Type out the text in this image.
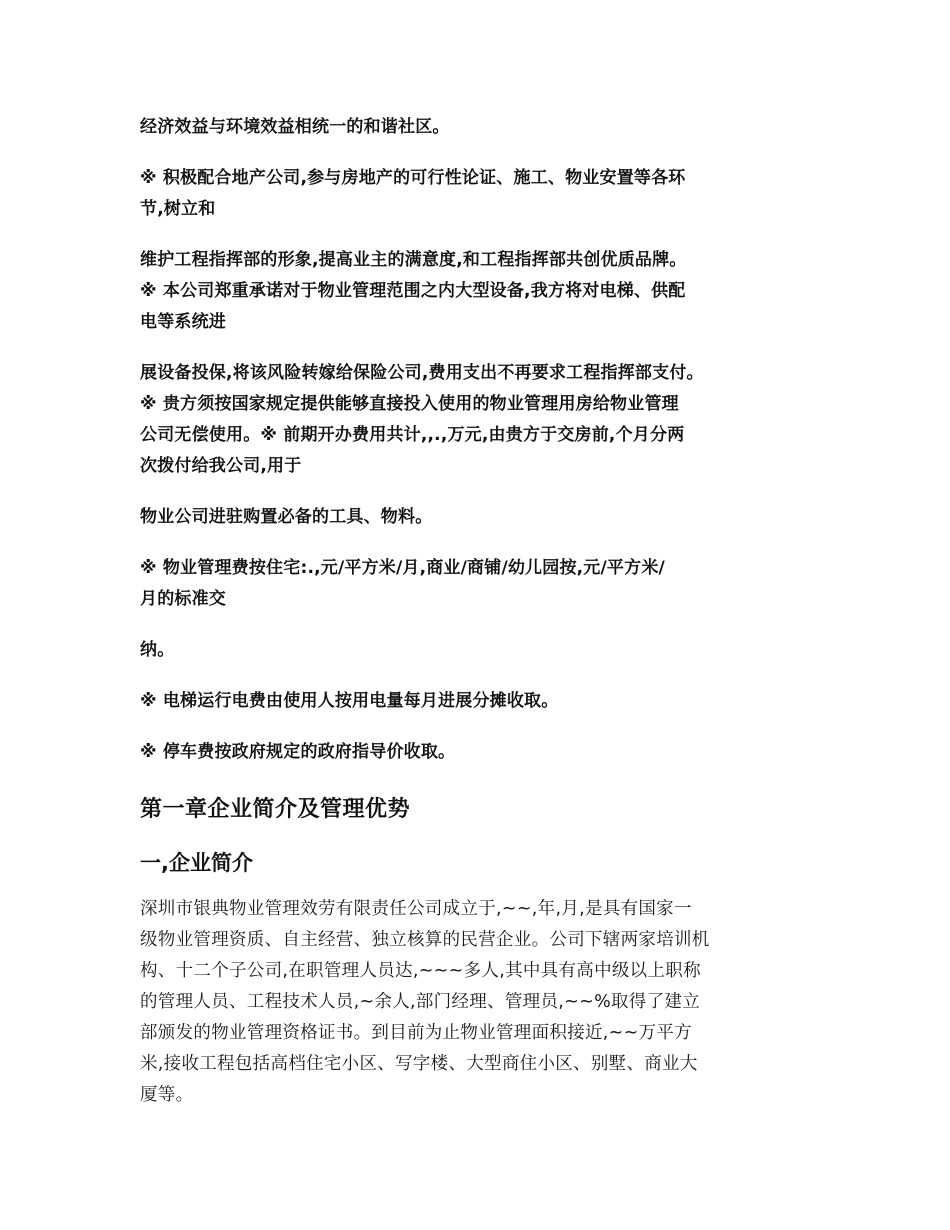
经济效益与环境效益相统一的和谐社区。

※ 积极配合地产公司,参与房地产的可行性论证、施工、物业安置等各环
节,树立和

维护工程指挥部的形象,提高业主的满意度,和工程指挥部共创优质品牌。
※ 本公司郑重承诺对于物业管理范围之内大型设备,我方将对电梯、供配
电等系统进

展设备投保,将该风险转嫁给保险公司,费用支出不再要求工程指挥部支付。
※ 贵方须按国家规定提供能够直接投入使用的物业管理用房给物业管理
公司无偿使用。※ 前期开办费用共计,,.,万元,由贵方于交房前,个月分两
次拨付给我公司,用于

物业公司进驻购置必备的工具、物料。

※ 物业管理费按住宅:.,元/平方米/月,商业/商铺/幼儿园按,元/平方米/
月的标准交

纳。

※ 电梯运行电费由使用人按用电量每月进展分摊收取。

※ 停车费按政府规定的政府指导价收取。

第一章企业简介及管理优势
一,企业简介

深圳市银典物业管理效劳有限责任公司成立于,~~,年,月,是具有国家一
级物业管理资质、自主经营、独立核算的民营企业。公司下辖两家培训机
构、十二个子公司,在职管理人员达,~~~多人,其中具有高中级以上职称
的管理人员、工程技术人员,~余人,部门经理、管理员,~~%取得了建立
部颁发的物业管理资格证书。到目前为止物业管理面积接近,~~万平方
米,接收工程包括高档住宅小区、写字楼、大型商住小区、别墅、商业大
厦等。
